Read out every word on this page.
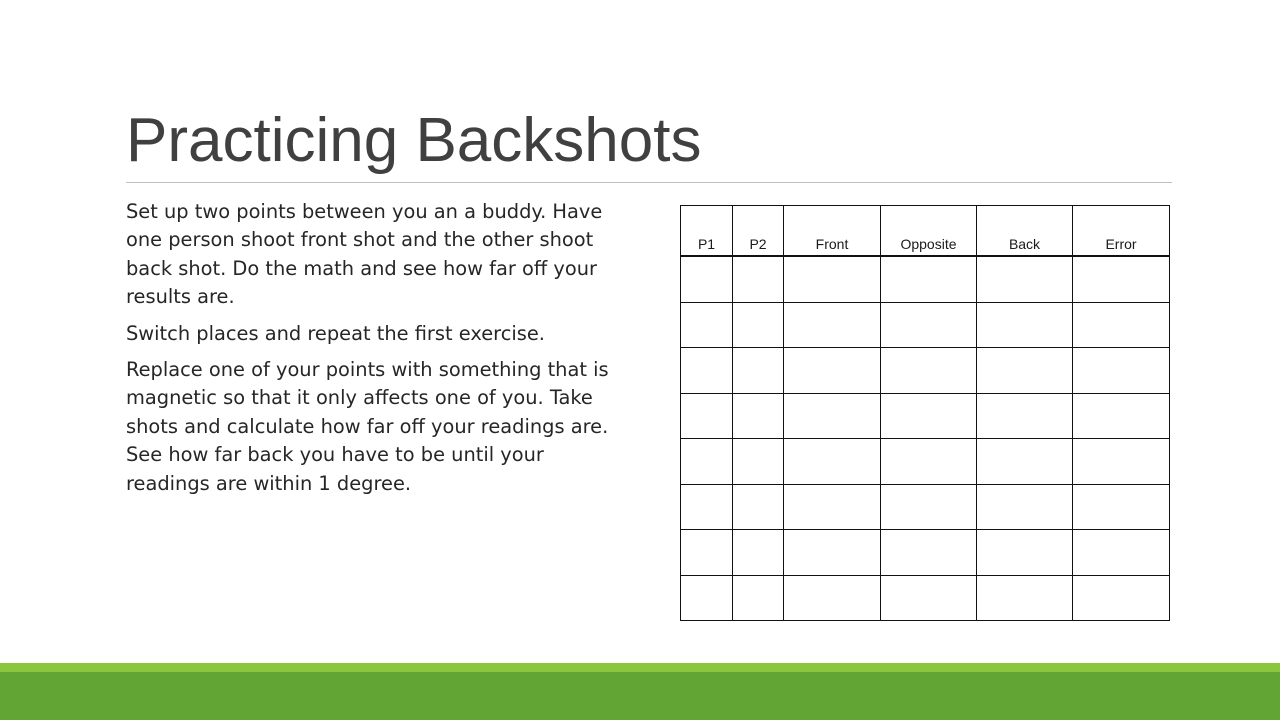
Practicing Backshots

Set up two points between you an a buddy. Have one person shoot front shot and the other shoot back shot. Do the math and see how far off your results are.

Switch places and repeat the first exercise.

Replace one of your points with something that is magnetic so that it only affects one of you. Take shots and calculate how far off your readings are. See how far back you have to be until your readings are within 1 degree.

P1	P2	Front	Opposite	Back	Error
